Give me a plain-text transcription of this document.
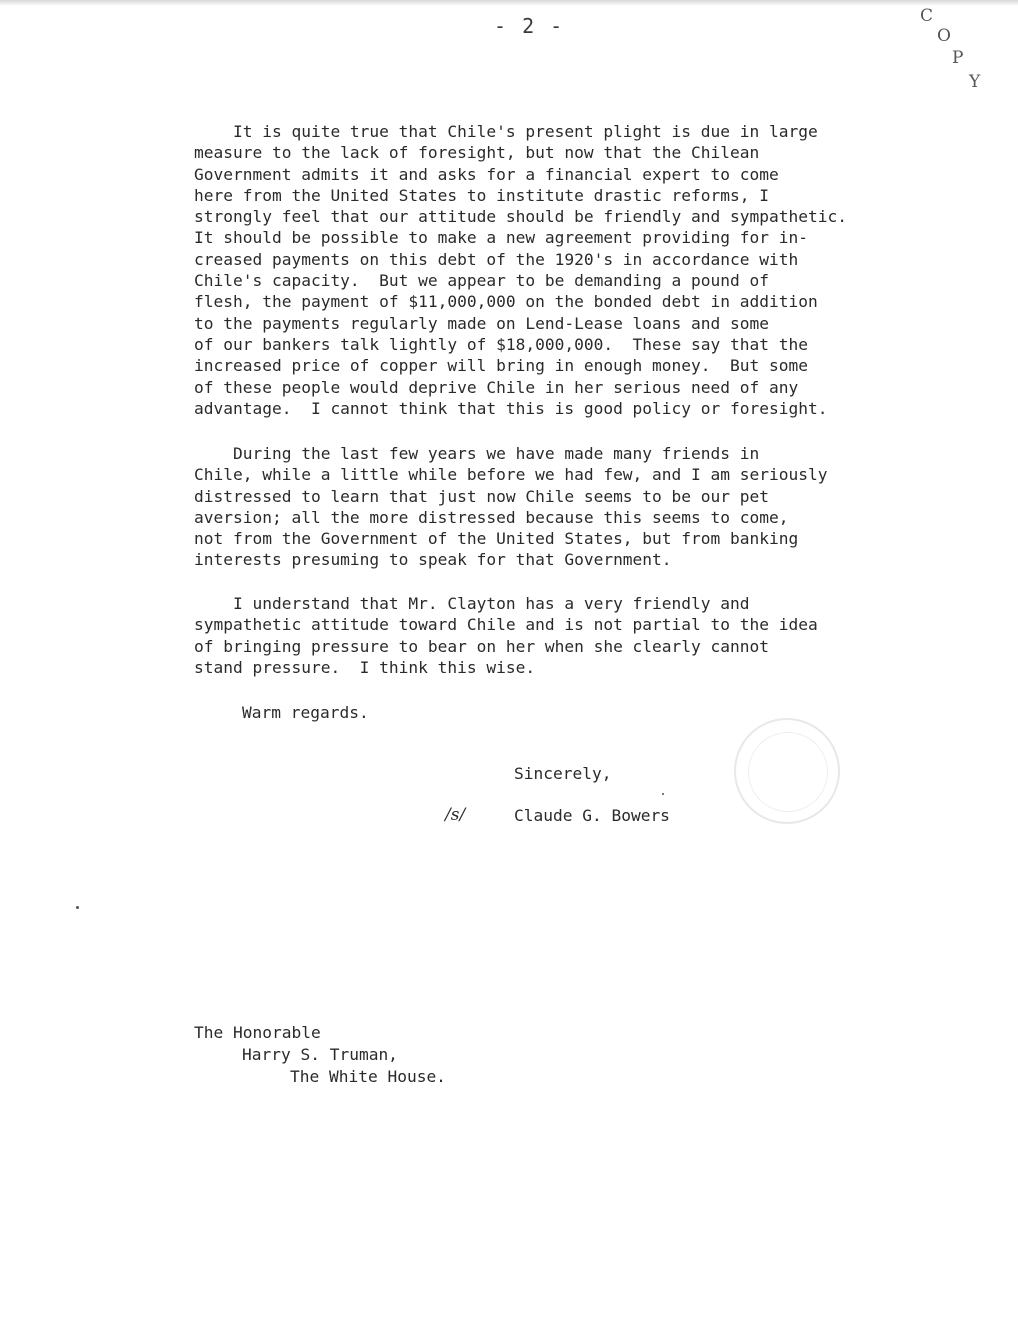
- 2 -	C
O
P
Y

It is quite true that Chile's present plight is due in large
measure to the lack of foresight, but now that the Chilean
Government admits it and asks for a financial expert to come
here from the United States to institute drastic reforms, I
strongly feel that our attitude should be friendly and sympathetic.
It should be possible to make a new agreement providing for in-
creased payments on this debt of the 1920's in accordance with
Chile's capacity.  But we appear to be demanding a pound of
flesh, the payment of $11,000,000 on the bonded debt in addition
to the payments regularly made on Lend-Lease loans and some
of our bankers talk lightly of $18,000,000.  These say that the
increased price of copper will bring in enough money.  But some
of these people would deprive Chile in her serious need of any
advantage.  I cannot think that this is good policy or foresight.

During the last few years we have made many friends in
Chile, while a little while before we had few, and I am seriously
distressed to learn that just now Chile seems to be our pet
aversion; all the more distressed because this seems to come,
not from the Government of the United States, but from banking
interests presuming to speak for that Government.

I understand that Mr. Clayton has a very friendly and
sympathetic attitude toward Chile and is not partial to the idea
of bringing pressure to bear on her when she clearly cannot
stand pressure.  I think this wise.

Warm regards.
Sincerely,
/s/	Claude G. Bowers
The Honorable
Harry S. Truman,
The White House.
